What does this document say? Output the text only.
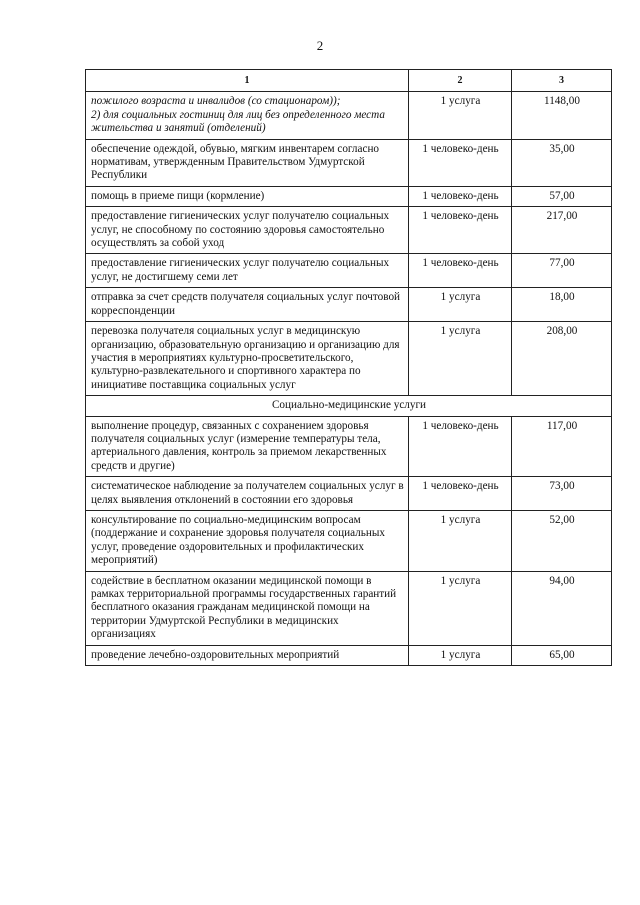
2
1	2	3
пожилого возраста и инвалидов (со стационаром));
2) для социальных гостиниц для лиц без определенного места жительства и занятий (отделений)	1 услуга	1148,00
обеспечение одеждой, обувью, мягким инвентарем согласно нормативам, утвержденным Правительством Удмуртской Республики	1 человеко-день	35,00
помощь в приеме пищи (кормление)	1 человеко-день	57,00
предоставление гигиенических услуг получателю социальных услуг, не способному по состоянию здоровья самостоятельно осуществлять за собой уход	1 человеко-день	217,00
предоставление гигиенических услуг получателю социальных услуг, не достигшему семи лет	1 человеко-день	77,00
отправка за счет средств получателя социальных услуг почтовой корреспонденции	1 услуга	18,00
перевозка получателя социальных услуг в медицинскую организацию, образовательную организацию и организацию для участия в мероприятиях культурно-просветительского, культурно-развлекательного и спортивного характера по инициативе поставщика социальных услуг	1 услуга	208,00
Социально-медицинские услуги		
выполнение процедур, связанных с сохранением здоровья получателя социальных услуг (измерение температуры тела, артериального давления, контроль за приемом лекарственных средств и другие)	1 человеко-день	117,00
систематическое наблюдение за получателем социальных услуг в целях выявления отклонений в состоянии его здоровья	1 человеко-день	73,00
консультирование по социально-медицинским вопросам (поддержание и сохранение здоровья получателя социальных услуг, проведение оздоровительных и профилактических мероприятий)	1 услуга	52,00
содействие в бесплатном оказании медицинской помощи в рамках территориальной программы государственных гарантий бесплатного оказания гражданам медицинской помощи на территории Удмуртской Республики в медицинских организациях	1 услуга	94,00
проведение лечебно-оздоровительных мероприятий	1 услуга	65,00
